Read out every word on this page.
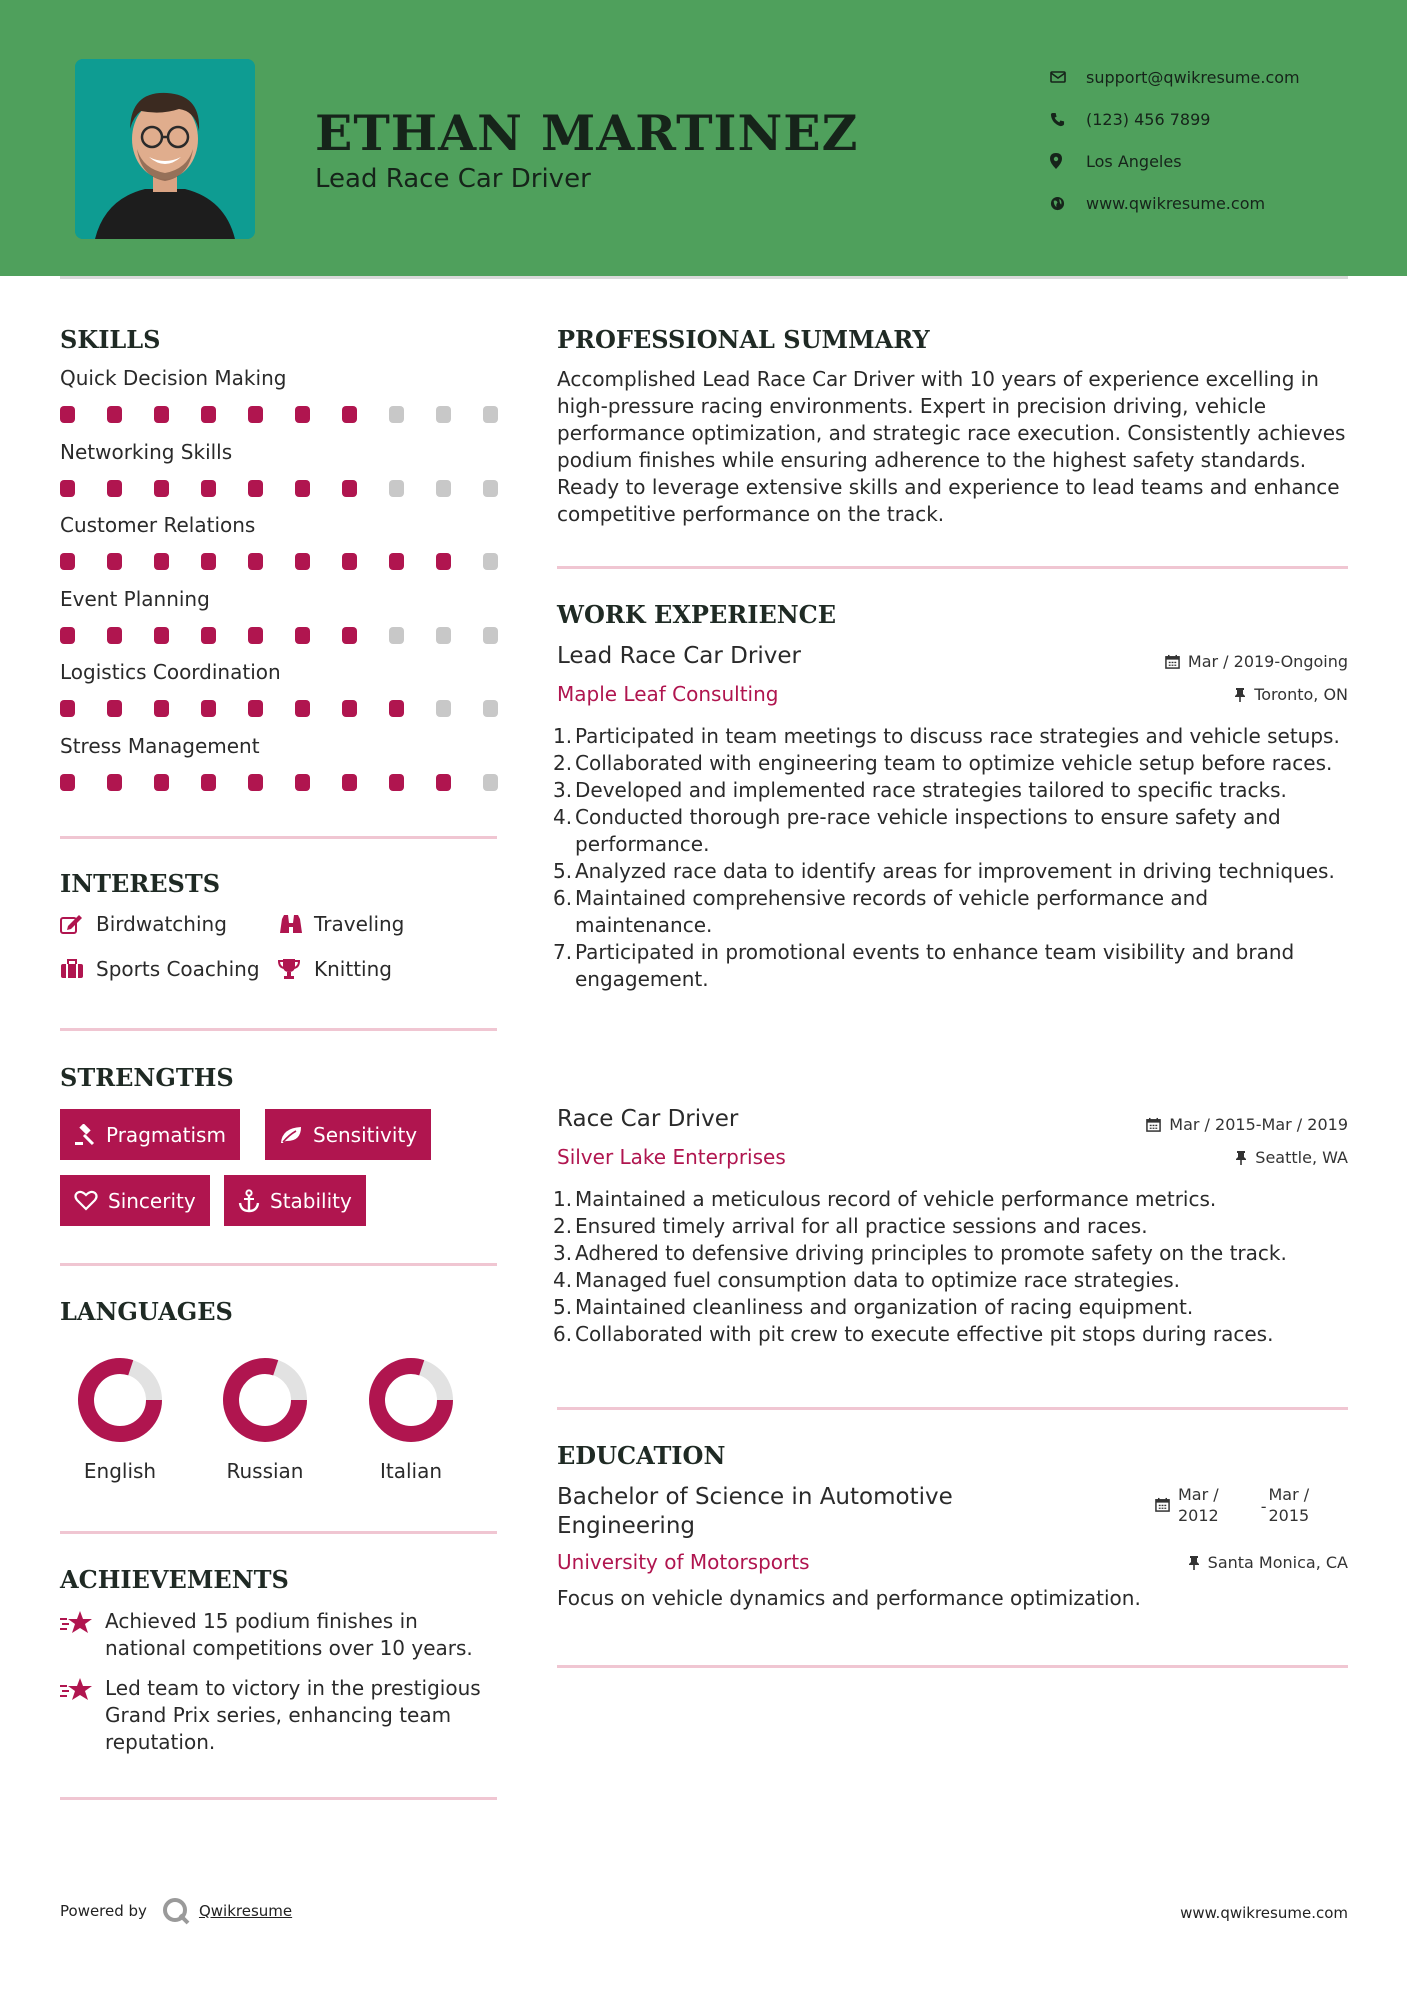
ETHAN MARTINEZ
Lead Race Car Driver
support@qwikresume.com
(123) 456 7899
Los Angeles
www.qwikresume.com
SKILLS
Quick Decision Making
Networking Skills
Customer Relations
Event Planning
Logistics Coordination
Stress Management
INTERESTS
Birdwatching	Traveling
Sports Coaching	Knitting
STRENGTHS
Pragmatism	Sensitivity
Sincerity	Stability
LANGUAGES
English	Russian	Italian
ACHIEVEMENTS
Achieved 15 podium finishes in national competitions over 10 years.
Led team to victory in the prestigious Grand Prix series, enhancing team reputation.
PROFESSIONAL SUMMARY
Accomplished Lead Race Car Driver with 10 years of experience excelling in high-pressure racing environments. Expert in precision driving, vehicle performance optimization, and strategic race execution. Consistently achieves podium finishes while ensuring adherence to the highest safety standards. Ready to leverage extensive skills and experience to lead teams and enhance competitive performance on the track.
WORK EXPERIENCE
Lead Race Car Driver	Mar / 2019-Ongoing
Maple Leaf Consulting	Toronto, ON
1. Participated in team meetings to discuss race strategies and vehicle setups.
2. Collaborated with engineering team to optimize vehicle setup before races.
3. Developed and implemented race strategies tailored to specific tracks.
4. Conducted thorough pre-race vehicle inspections to ensure safety and performance.
5. Analyzed race data to identify areas for improvement in driving techniques.
6. Maintained comprehensive records of vehicle performance and maintenance.
7. Participated in promotional events to enhance team visibility and brand engagement.
Race Car Driver	Mar / 2015-Mar / 2019
Silver Lake Enterprises	Seattle, WA
1. Maintained a meticulous record of vehicle performance metrics.
2. Ensured timely arrival for all practice sessions and races.
3. Adhered to defensive driving principles to promote safety on the track.
4. Managed fuel consumption data to optimize race strategies.
5. Maintained cleanliness and organization of racing equipment.
6. Collaborated with pit crew to execute effective pit stops during races.
EDUCATION
Bachelor of Science in Automotive Engineering
Mar /
2012	-
Mar /
2015
University of Motorsports	Santa Monica, CA
Focus on vehicle dynamics and performance optimization.
Powered by	Qwikresume	www.qwikresume.com
